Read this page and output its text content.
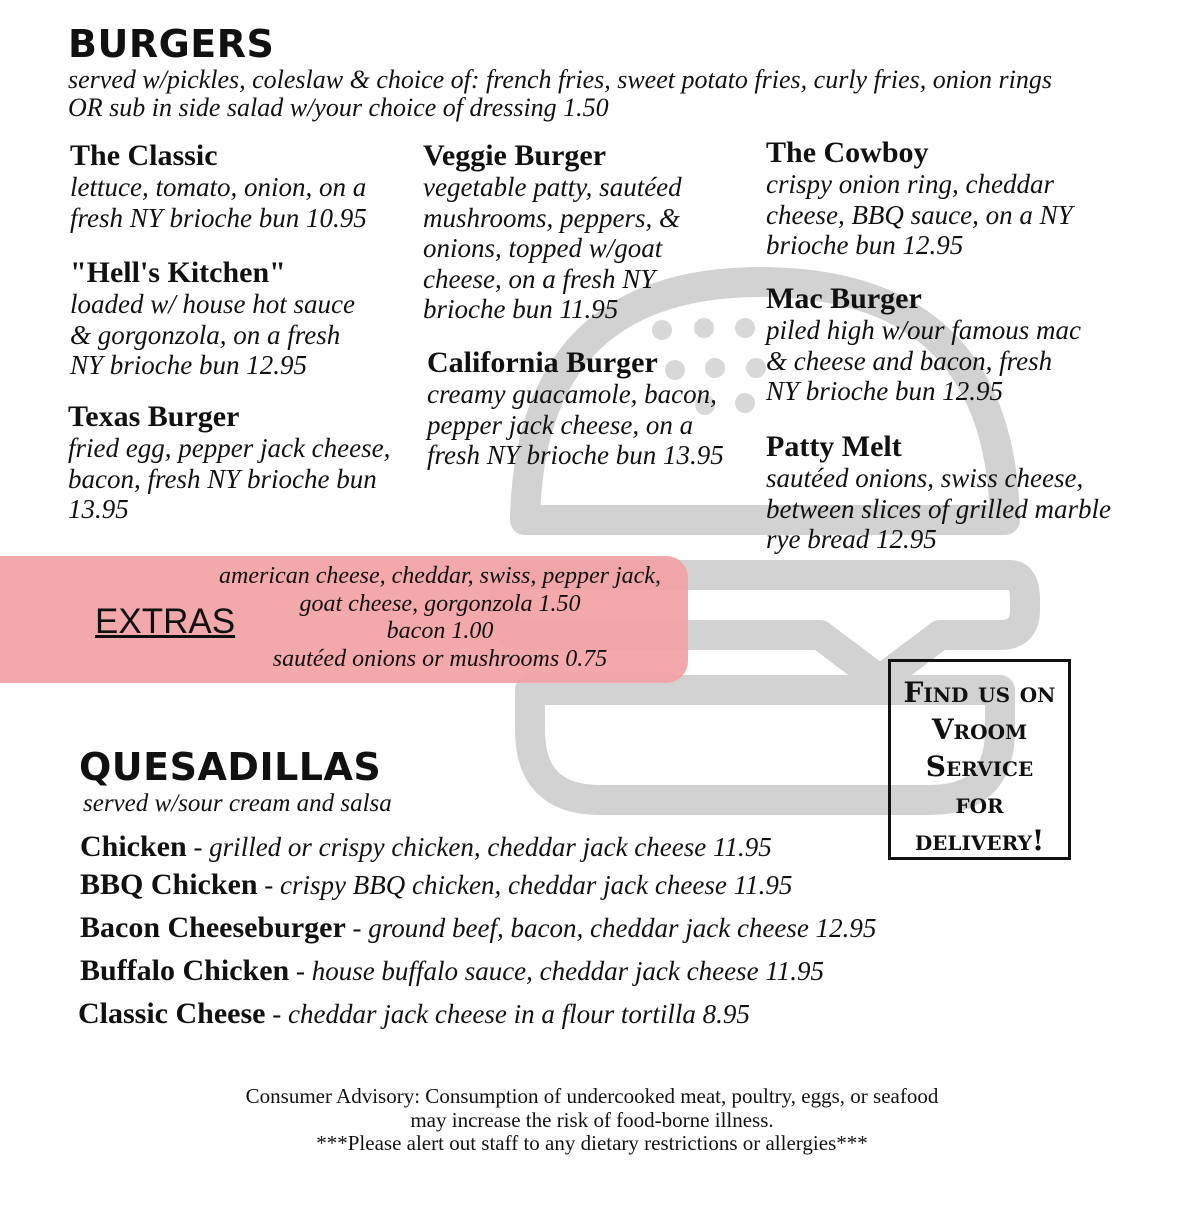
BURGERS
served w/pickles, coleslaw & choice of: french fries, sweet potato fries, curly fries, onion rings
OR sub in side salad w/your choice of dressing 1.50
The Classic
lettuce, tomato, onion, on a
fresh NY brioche bun 10.95
"Hell's Kitchen"
loaded w/ house hot sauce
& gorgonzola, on a fresh
NY brioche bun 12.95
Texas Burger
fried egg, pepper jack cheese,
bacon, fresh NY brioche bun
13.95
Veggie Burger
vegetable patty, sautéed
mushrooms, peppers, &
onions, topped w/goat
cheese, on a fresh NY
brioche bun 11.95
California Burger
creamy guacamole, bacon,
pepper jack cheese, on a
fresh NY brioche bun 13.95
The Cowboy
crispy onion ring, cheddar
cheese, BBQ sauce, on a NY
brioche bun 12.95
Mac Burger
piled high w/our famous mac
& cheese and bacon, fresh
NY brioche bun 12.95
Patty Melt
sautéed onions, swiss cheese,
between slices of grilled marble
rye bread 12.95
EXTRAS
american cheese, cheddar, swiss, pepper jack,
goat cheese, gorgonzola 1.50
bacon 1.00
sautéed onions or mushrooms 0.75
Find us on
Vroom
Service
for
delivery!
QUESADILLAS
served w/sour cream and salsa
Chicken - grilled or crispy chicken, cheddar jack cheese 11.95
BBQ Chicken - crispy BBQ chicken, cheddar jack cheese 11.95
Bacon Cheeseburger - ground beef, bacon, cheddar jack cheese 12.95
Buffalo Chicken - house buffalo sauce, cheddar jack cheese 11.95
Classic Cheese - cheddar jack cheese in a flour tortilla 8.95
Consumer Advisory: Consumption of undercooked meat, poultry, eggs, or seafood
may increase the risk of food-borne illness.
***Please alert out staff to any dietary restrictions or allergies***
